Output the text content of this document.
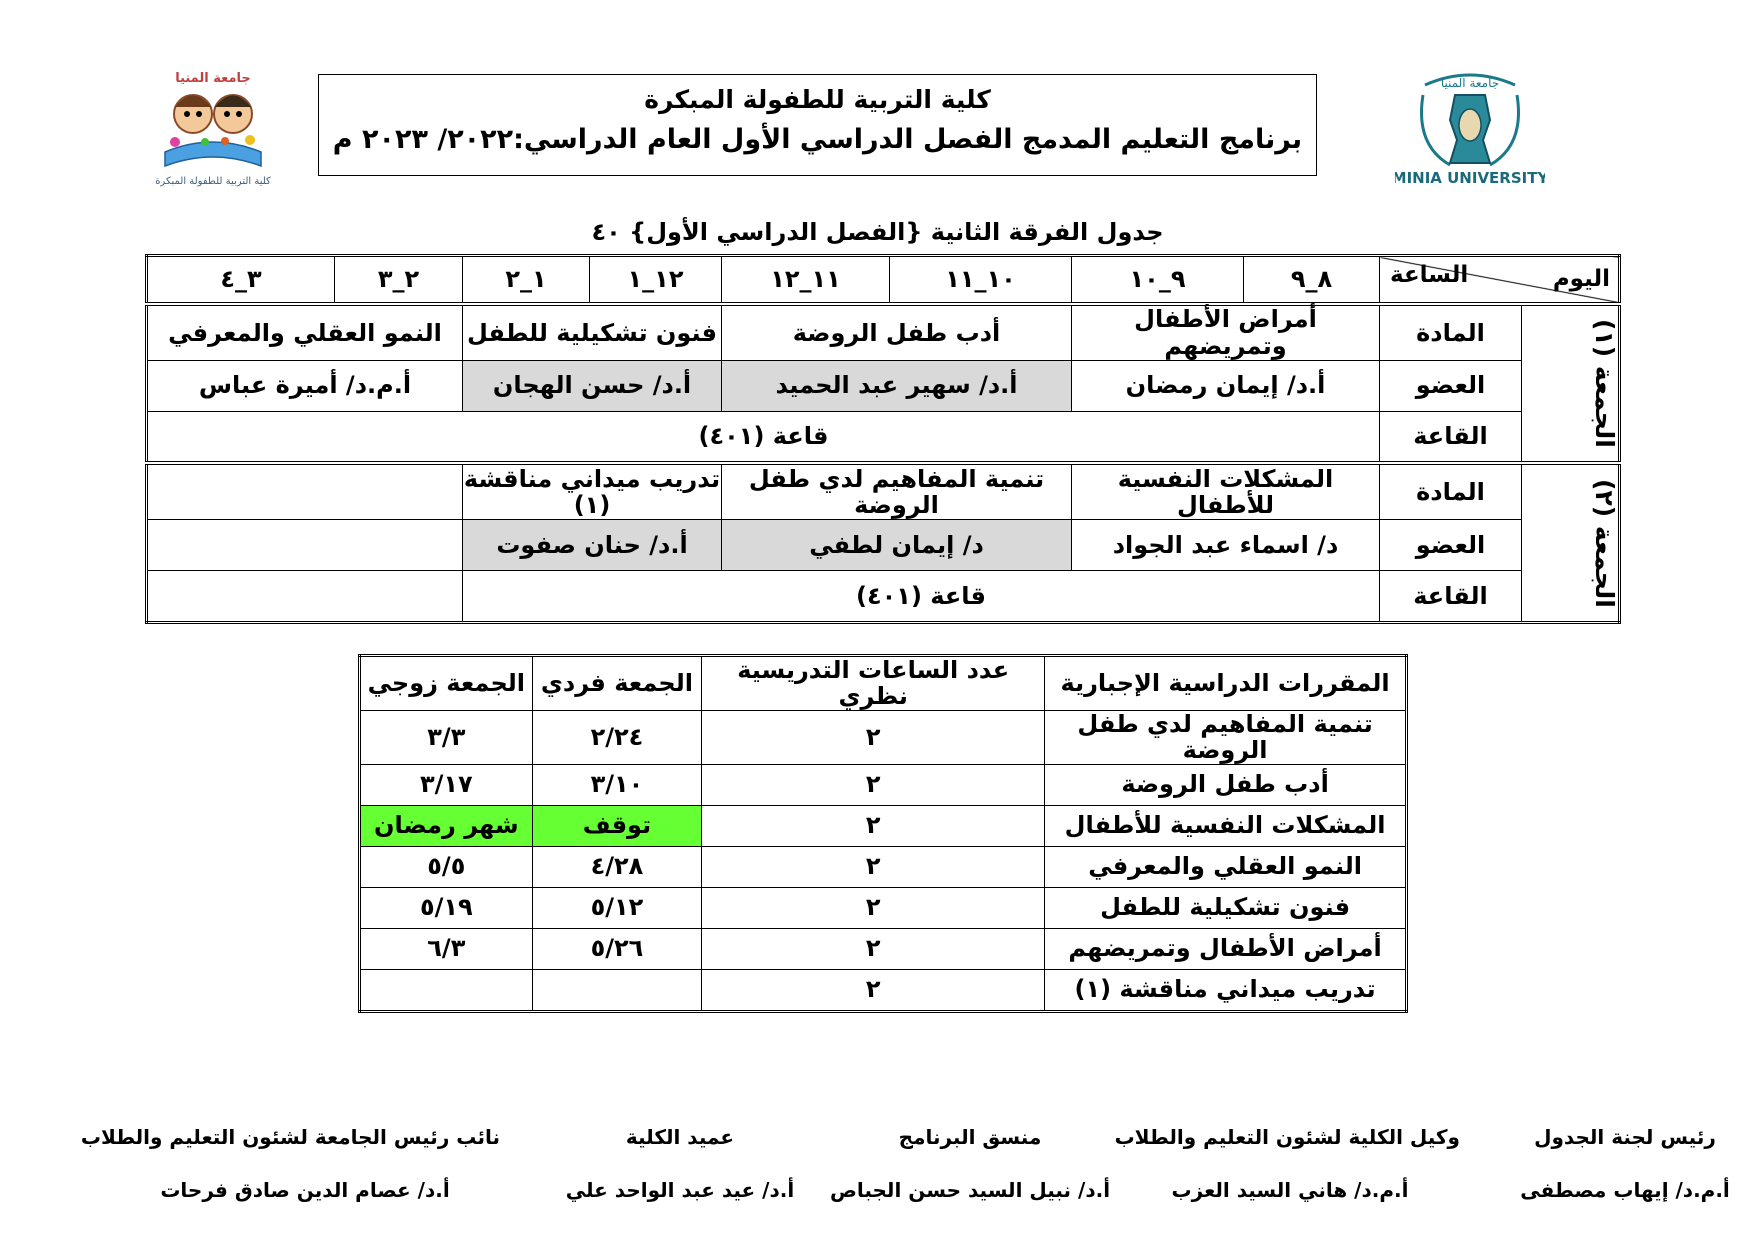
جامعة المنيا
MINIA UNIVERSITY
جامعة المنيا
كلية التربية للطفولة المبكرة
كلية التربية للطفولة المبكرة
برنامج التعليم المدمج الفصل الدراسي الأول العام الدراسي:٢٠٢٢/ ٢٠٢٣ م
جدول الفرقة الثانية {الفصل الدراسي الأول} ٤٠
اليوم
الساعة		٨_٩	٩_١٠	١٠_١١	١١_١٢	١٢_١	١_٢	٢_٣	٣_٤

الجمعة (١)	المادة	أمراض الأطفال وتمريضهم		أدب طفل الروضة		فنون تشكيلية للطفل		النمو العقلي والمعرفي	
	العضو	أ.د/ إيمان رمضان		أ.د/ سهير عبد الحميد		أ.د/ حسن الهجان		أ.م.د/ أميرة عباس	
	القاعة	قاعة (٤٠١)							

الجمعة (٢)	المادة	المشكلات النفسية للأطفال		تنمية المفاهيم لدي طفل الروضة		تدريب ميداني مناقشة (١)			
	العضو	د/ اسماء عبد الجواد		د/ إيمان لطفي		أ.د/ حنان صفوت			
	القاعة	قاعة (٤٠١)							
المقررات الدراسية الإجبارية	عدد الساعات التدريسية نظري	الجمعة فردي	الجمعة زوجي
تنمية المفاهيم لدي طفل الروضة	٢	٢/٢٤	٣/٣
أدب طفل الروضة	٢	٣/١٠	٣/١٧
المشكلات النفسية للأطفال	٢	توقف	شهر رمضان
النمو العقلي والمعرفي	٢	٤/٢٨	٥/٥
فنون تشكيلية للطفل	٢	٥/١٢	٥/١٩
أمراض الأطفال وتمريضهم	٢	٥/٢٦	٦/٣
تدريب ميداني مناقشة (١)	٢		
رئيس لجنة الجدول
أ.م.د/ إيهاب مصطفى
وكيل الكلية لشئون التعليم والطلاب
أ.م.د/ هاني السيد العزب
منسق البرنامج
أ.د/ نبيل السيد حسن الجباص
عميد الكلية
أ.د/ عيد عبد الواحد علي
نائب رئيس الجامعة لشئون التعليم والطلاب
أ.د/ عصام الدين صادق فرحات
